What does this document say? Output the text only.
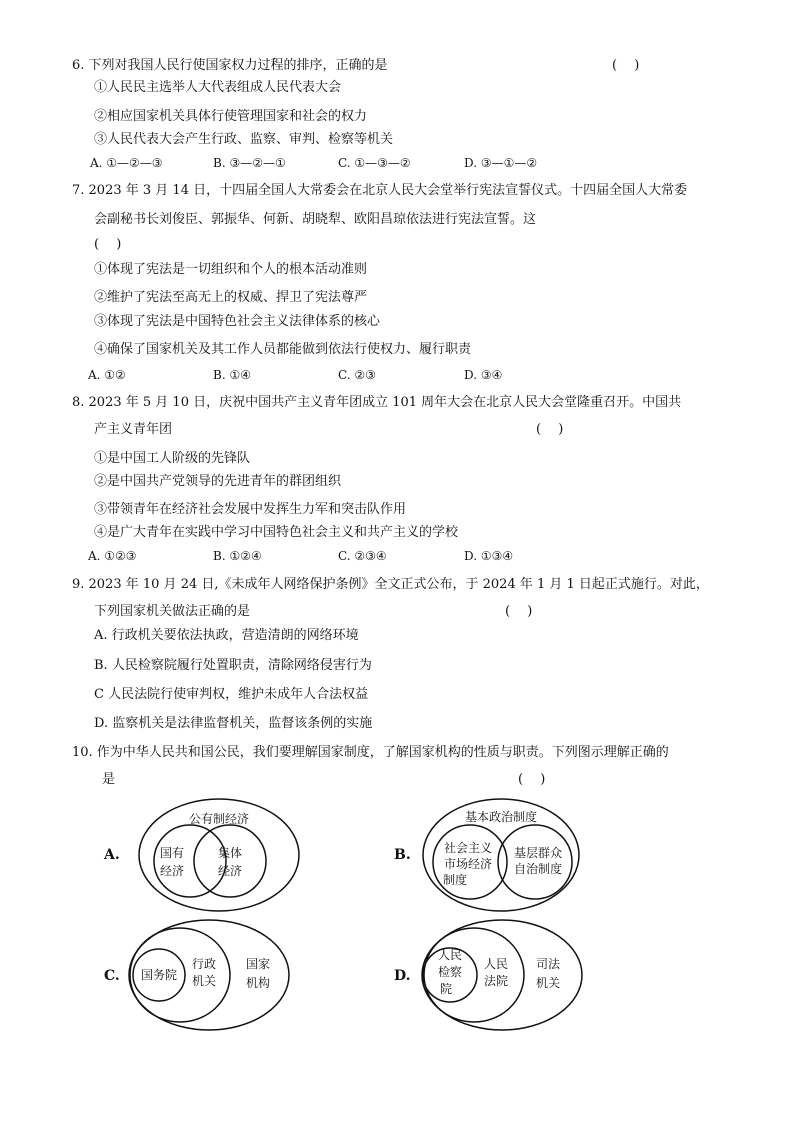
6. 下列对我国人民行使国家权力过程的排序，正确的是	(　 )
①人民民主选举人大代表组成人民代表大会
②相应国家机关具体行使管理国家和社会的权力
③人民代表大会产生行政、监察、审判、检察等机关
A. ①—②—③	B. ③—②—①	C. ①—③—②	D. ③—①—②
7. 2023 年 3 月 14 日，十四届全国人大常委会在北京人民大会堂举行宪法宣誓仪式。十四届全国人大常委
会副秘书长刘俊臣、郭振华、何新、胡晓犁、欧阳昌琼依法进行宪法宣誓。这
(　 )
①体现了宪法是一切组织和个人的根本活动准则
②维护了宪法至高无上的权威、捍卫了宪法尊严
③体现了宪法是中国特色社会主义法律体系的核心
④确保了国家机关及其工作人员都能做到依法行使权力、履行职责
A. ①②	B. ①④	C. ②③	D. ③④
8. 2023 年 5 月 10 日，庆祝中国共产主义青年团成立 101 周年大会在北京人民大会堂隆重召开。中国共
产主义青年团	(　 )
①是中国工人阶级的先锋队
②是中国共产党领导的先进青年的群团组织
③带领青年在经济社会发展中发挥生力军和突击队作用
④是广大青年在实践中学习中国特色社会主义和共产主义的学校
A. ①②③	B. ①②④	C. ②③④	D. ①③④
9. 2023 年 10 月 24 日,《未成年人网络保护条例》全文正式公布，于 2024 年 1 月 1 日起正式施行。对此，
下列国家机关做法正确的是	(　 )
A. 行政机关要依法执政，营造清朗的网络环境
B. 人民检察院履行处置职责，清除网络侵害行为
C 人民法院行使审判权，维护未成年人合法权益
D. 监察机关是法律监督机关，监督该条例的实施
10. 作为中华人民共和国公民，我们要理解国家制度，了解国家机构的性质与职责。下列图示理解正确的
是	(　 )
A.
公有制经济
国有
经济
集体
经济
B.
基本政治制度
社会主义
市场经济
制度
基层群众
自治制度
C. 国务院
行政
机关
国家
机构	D.
人民
检察
院
人民
法院
司法
机关
